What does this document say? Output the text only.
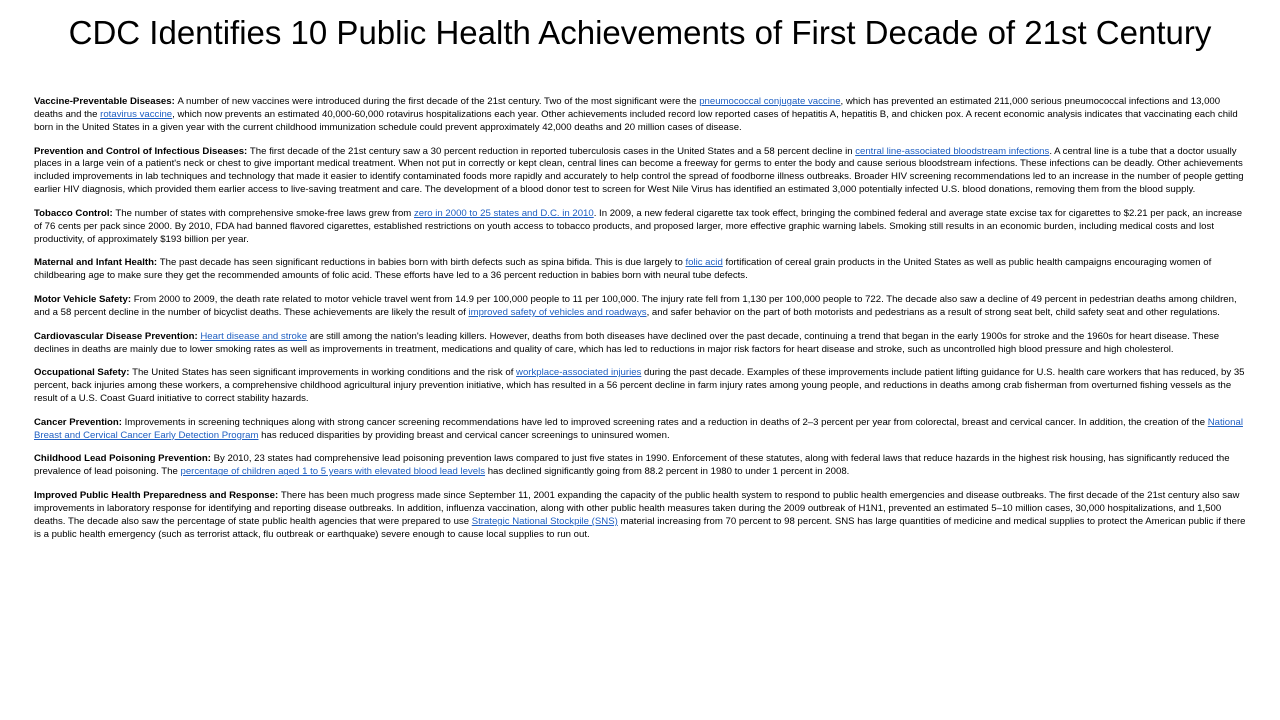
CDC Identifies 10 Public Health Achievements of First Decade of 21st Century

Vaccine-Preventable Diseases: A number of new vaccines were introduced during the first decade of the 21st century. Two of the most significant were the pneumococcal conjugate vaccine, which has prevented an estimated 211,000 serious pneumococcal infections and 13,000 deaths and the rotavirus vaccine, which now prevents an estimated 40,000-60,000 rotavirus hospitalizations each year. Other achievements included record low reported cases of hepatitis A, hepatitis B, and chicken pox. A recent economic analysis indicates that vaccinating each child born in the United States in a given year with the current childhood immunization schedule could prevent approximately 42,000 deaths and 20 million cases of disease.

Prevention and Control of Infectious Diseases: The first decade of the 21st century saw a 30 percent reduction in reported tuberculosis cases in the United States and a 58 percent decline in central line-associated bloodstream infections. A central line is a tube that a doctor usually places in a large vein of a patient's neck or chest to give important medical treatment. When not put in correctly or kept clean, central lines can become a freeway for germs to enter the body and cause serious bloodstream infections. These infections can be deadly. Other achievements included improvements in lab techniques and technology that made it easier to identify contaminated foods more rapidly and accurately to help control the spread of foodborne illness outbreaks. Broader HIV screening recommendations led to an increase in the number of people getting earlier HIV diagnosis, which provided them earlier access to live-saving treatment and care. The development of a blood donor test to screen for West Nile Virus has identified an estimated 3,000 potentially infected U.S. blood donations, removing them from the blood supply.

Tobacco Control: The number of states with comprehensive smoke-free laws grew from zero in 2000 to 25 states and D.C. in 2010. In 2009, a new federal cigarette tax took effect, bringing the combined federal and average state excise tax for cigarettes to $2.21 per pack, an increase of 76 cents per pack since 2000. By 2010, FDA had banned flavored cigarettes, established restrictions on youth access to tobacco products, and proposed larger, more effective graphic warning labels. Smoking still results in an economic burden, including medical costs and lost productivity, of approximately $193 billion per year.

Maternal and Infant Health: The past decade has seen significant reductions in babies born with birth defects such as spina bifida. This is due largely to folic acid fortification of cereal grain products in the United States as well as public health campaigns encouraging women of childbearing age to make sure they get the recommended amounts of folic acid. These efforts have led to a 36 percent reduction in babies born with neural tube defects.

Motor Vehicle Safety: From 2000 to 2009, the death rate related to motor vehicle travel went from 14.9 per 100,000 people to 11 per 100,000. The injury rate fell from 1,130 per 100,000 people to 722. The decade also saw a decline of 49 percent in pedestrian deaths among children, and a 58 percent decline in the number of bicyclist deaths. These achievements are likely the result of improved safety of vehicles and roadways, and safer behavior on the part of both motorists and pedestrians as a result of strong seat belt, child safety seat and other regulations.

Cardiovascular Disease Prevention: Heart disease and stroke are still among the nation's leading killers. However, deaths from both diseases have declined over the past decade, continuing a trend that began in the early 1900s for stroke and the 1960s for heart disease. These declines in deaths are mainly due to lower smoking rates as well as improvements in treatment, medications and quality of care, which has led to reductions in major risk factors for heart disease and stroke, such as uncontrolled high blood pressure and high cholesterol.

Occupational Safety: The United States has seen significant improvements in working conditions and the risk of workplace-associated injuries during the past decade. Examples of these improvements include patient lifting guidance for U.S. health care workers that has reduced, by 35 percent, back injuries among these workers, a comprehensive childhood agricultural injury prevention initiative, which has resulted in a 56 percent decline in farm injury rates among young people, and reductions in deaths among crab fisherman from overturned fishing vessels as the result of a U.S. Coast Guard initiative to correct stability hazards.

Cancer Prevention: Improvements in screening techniques along with strong cancer screening recommendations have led to improved screening rates and a reduction in deaths of 2–3 percent per year from colorectal, breast and cervical cancer. In addition, the creation of the National Breast and Cervical Cancer Early Detection Program has reduced disparities by providing breast and cervical cancer screenings to uninsured women.

Childhood Lead Poisoning Prevention: By 2010, 23 states had comprehensive lead poisoning prevention laws compared to just five states in 1990. Enforcement of these statutes, along with federal laws that reduce hazards in the highest risk housing, has significantly reduced the prevalence of lead poisoning. The percentage of children aged 1 to 5 years with elevated blood lead levels has declined significantly going from 88.2 percent in 1980 to under 1 percent in 2008.

Improved Public Health Preparedness and Response: There has been much progress made since September 11, 2001 expanding the capacity of the public health system to respond to public health emergencies and disease outbreaks. The first decade of the 21st century also saw improvements in laboratory response for identifying and reporting disease outbreaks. In addition, influenza vaccination, along with other public health measures taken during the 2009 outbreak of H1N1, prevented an estimated 5–10 million cases, 30,000 hospitalizations, and 1,500 deaths. The decade also saw the percentage of state public health agencies that were prepared to use Strategic National Stockpile (SNS) material increasing from 70 percent to 98 percent. SNS has large quantities of medicine and medical supplies to protect the American public if there is a public health emergency (such as terrorist attack, flu outbreak or earthquake) severe enough to cause local supplies to run out.
